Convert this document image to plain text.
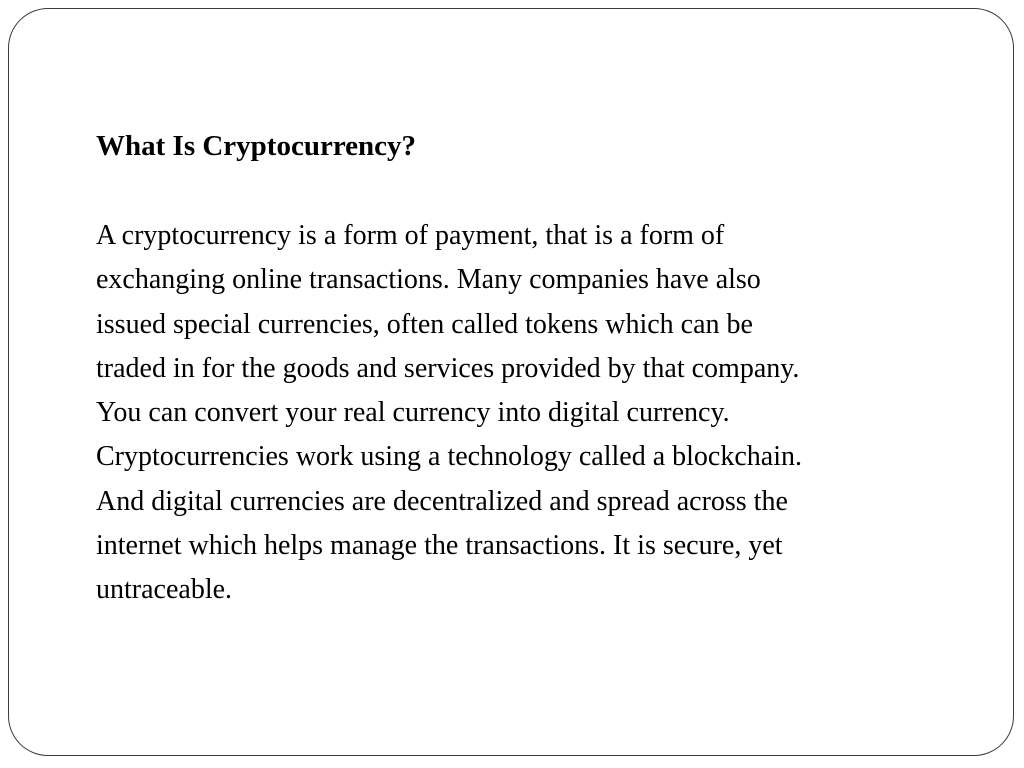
What Is Cryptocurrency?

A cryptocurrency is a form of payment, that is a form of
exchanging online transactions. Many companies have also
issued special currencies, often called tokens which can be
traded in for the goods and services provided by that company.
You can convert your real currency into digital currency.
Cryptocurrencies work using a technology called a blockchain.
And digital currencies are decentralized and spread across the
internet which helps manage the transactions. It is secure, yet
untraceable.
